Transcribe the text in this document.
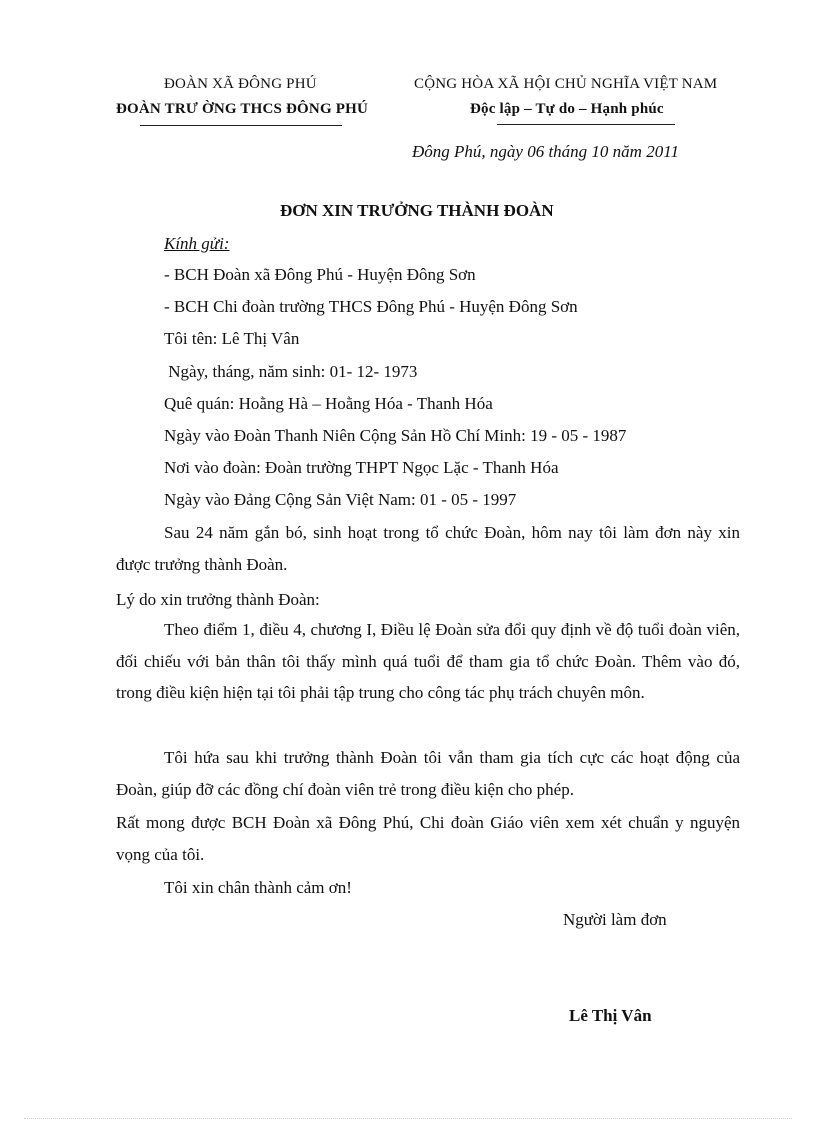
ĐOÀN XÃ ĐÔNG PHÚ
ĐOÀN TRƯ ỜNG THCS ĐÔNG PHÚ
CỘNG HÒA XÃ HỘI CHỦ NGHĨA VIỆT NAM
Độc lập – Tự do – Hạnh phúc
Đông Phú, ngày 06 tháng 10 năm 2011
ĐƠN XIN TRƯỞNG THÀNH ĐOÀN
Kính gửi:
- BCH Đoàn xã Đông Phú - Huyện Đông Sơn
- BCH Chi đoàn trường THCS Đông Phú - Huyện Đông Sơn
Tôi tên: Lê Thị Vân
Ngày, tháng, năm sinh: 01- 12- 1973
Quê quán: Hoằng Hà – Hoằng Hóa - Thanh Hóa
Ngày vào Đoàn Thanh Niên Cộng Sản Hồ Chí Minh: 19 - 05 - 1987
Nơi vào đoàn: Đoàn trường THPT Ngọc Lặc - Thanh Hóa
Ngày vào Đảng Cộng Sản Việt Nam: 01 - 05 - 1997
Sau 24 năm gắn bó, sinh hoạt trong tổ chức Đoàn, hôm nay tôi làm đơn này xin được trưởng thành Đoàn.
Lý do xin trưởng thành Đoàn:
Theo điểm 1, điều 4, chương I, Điều lệ Đoàn sửa đổi quy định về độ tuổi đoàn viên, đối chiếu với bản thân tôi thấy mình quá tuổi để tham gia tổ chức Đoàn. Thêm vào đó, trong điều kiện hiện tại tôi phải tập trung cho công tác phụ trách chuyên môn.
Tôi hứa sau khi trưởng thành Đoàn tôi vẫn tham gia tích cực các hoạt động của Đoàn, giúp đỡ các đồng chí đoàn viên trẻ trong điều kiện cho phép.
Rất mong được BCH Đoàn xã Đông Phú, Chi đoàn Giáo viên xem xét chuẩn y nguyện vọng của tôi.
Tôi xin chân thành cảm ơn!
Người làm đơn
Lê Thị Vân
